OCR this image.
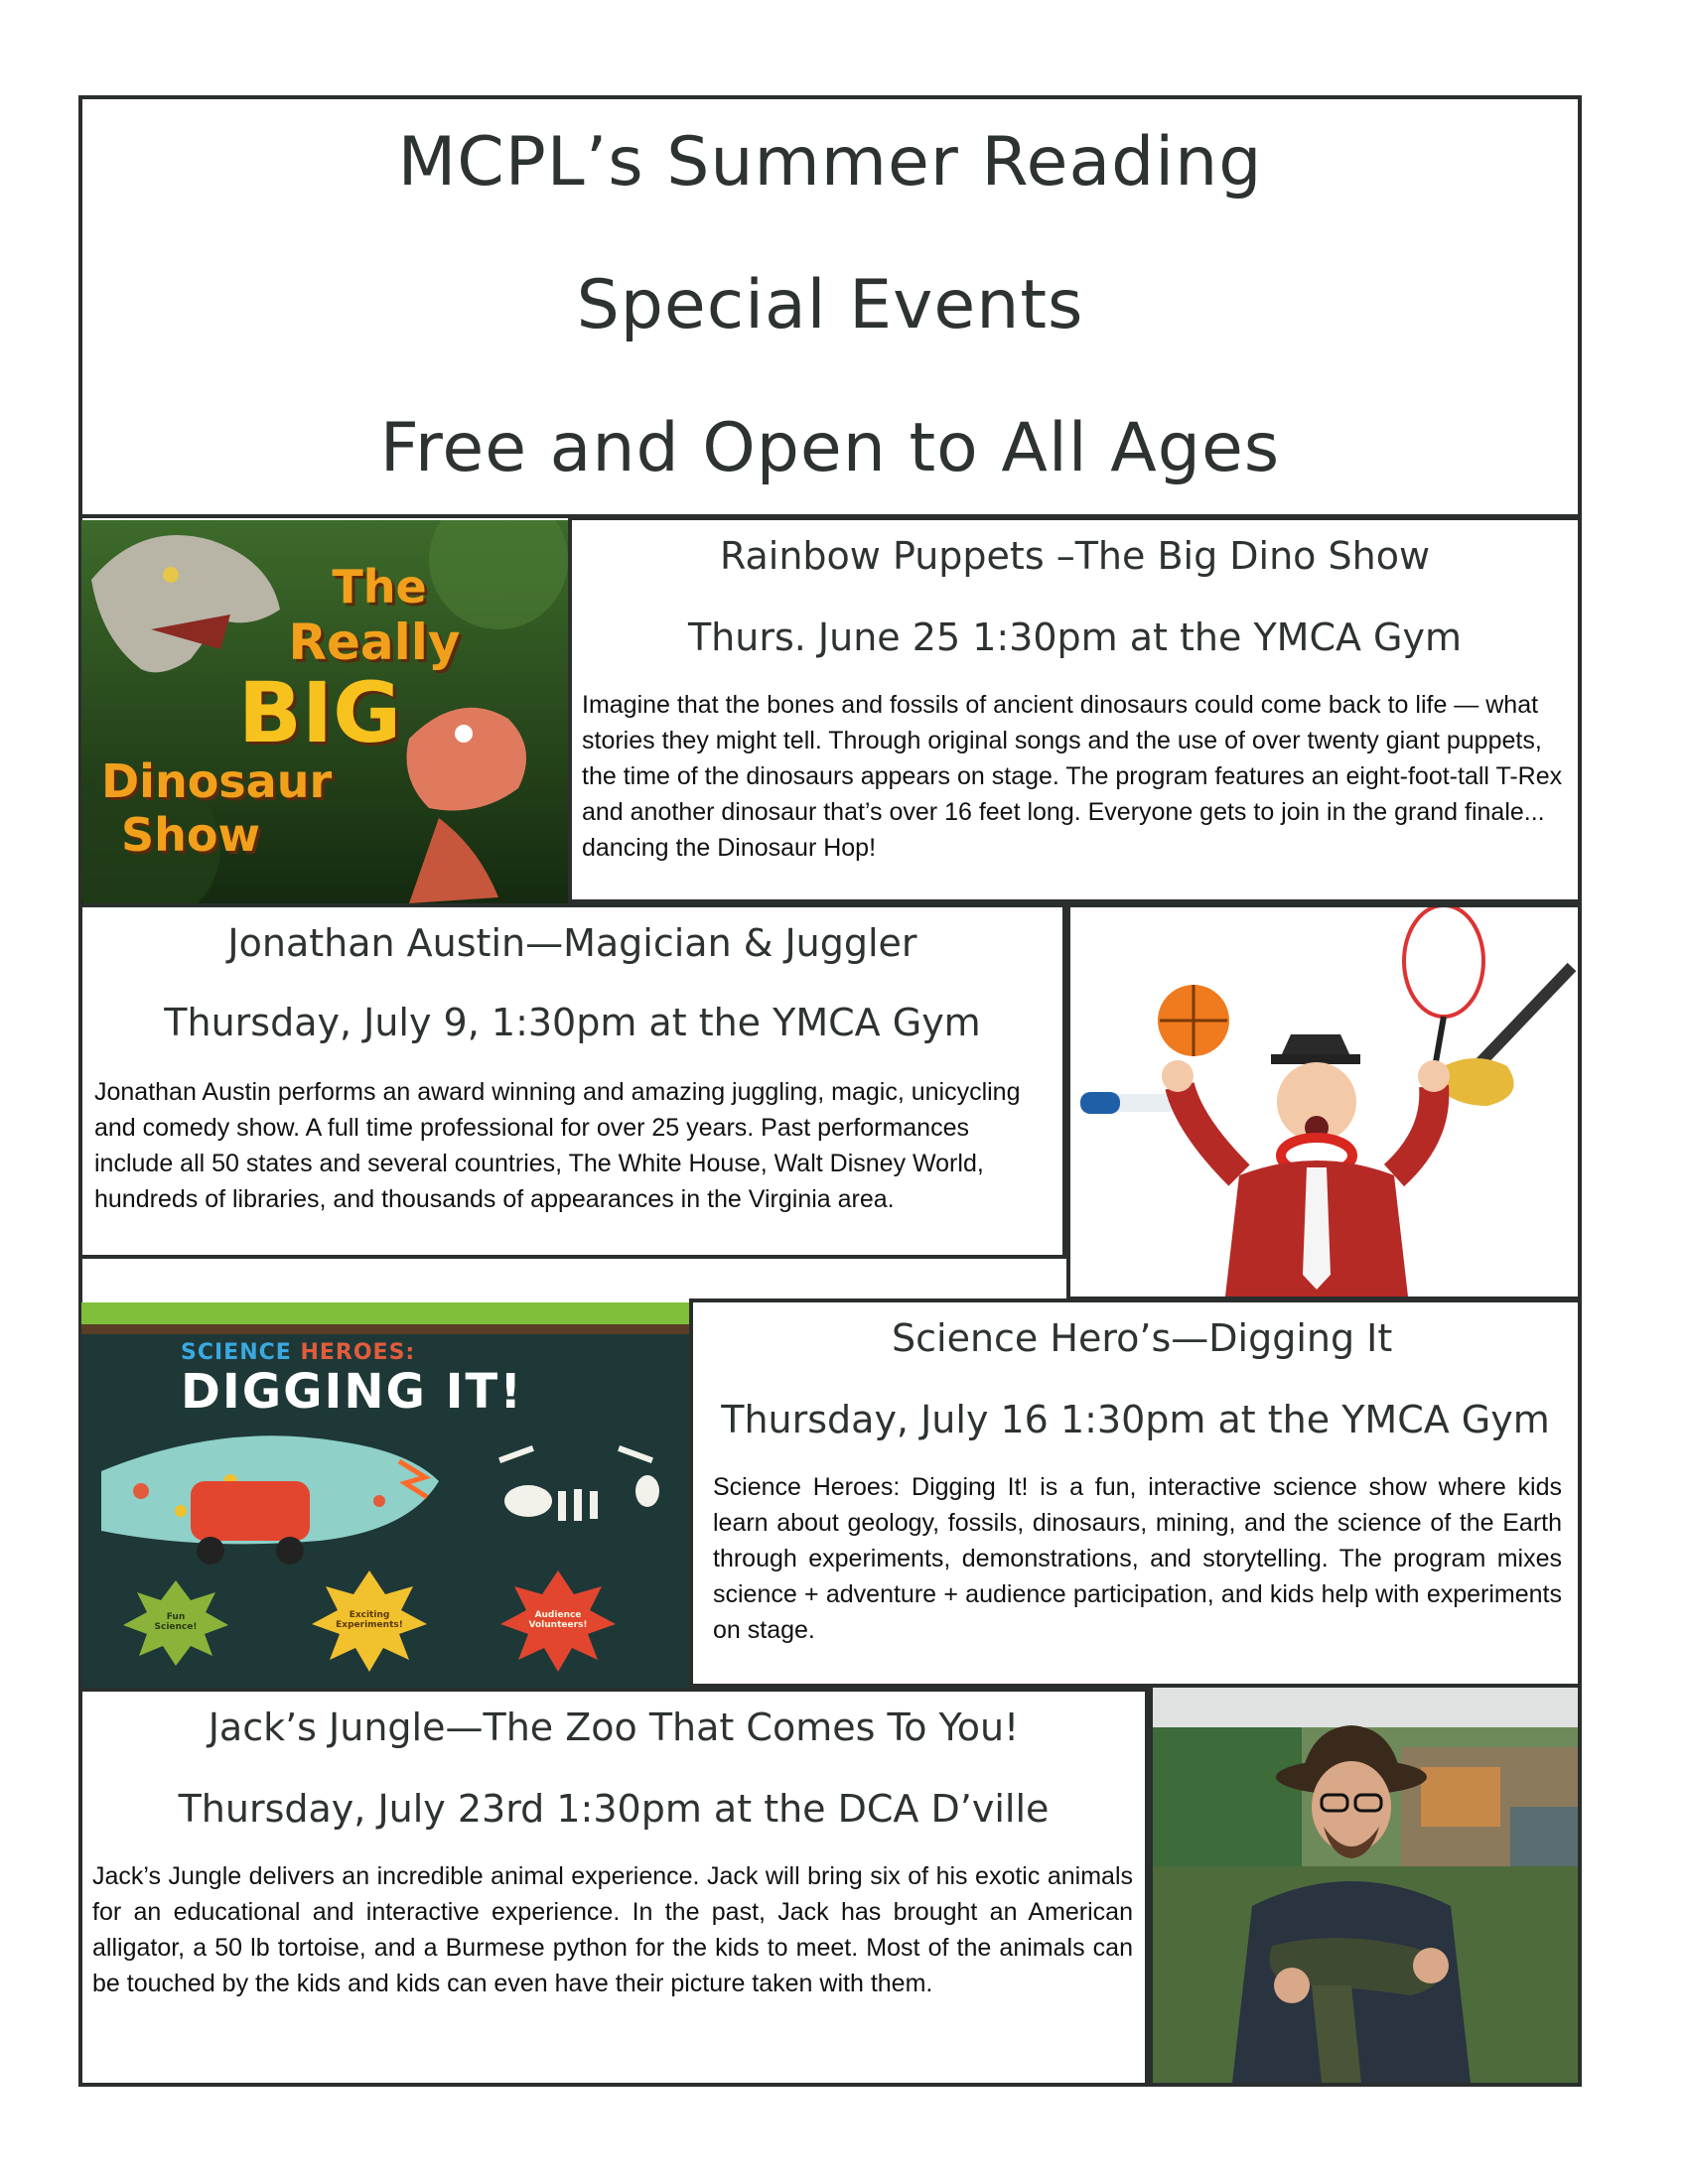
MCPL’s Summer Reading
Special Events
Free and Open to All Ages
The
Really
BIG
Dinosaur
Show
Rainbow Puppets –The Big Dino Show
Thurs. June 25 1:30pm at the YMCA Gym
Imagine that the bones and fossils of ancient dinosaurs could come back to life — what stories they might tell. Through original songs and the use of over twenty giant puppets, the time of the dinosaurs appears on stage. The program features an eight-foot-tall T-Rex and another dinosaur that’s over 16 feet long. Everyone gets to join in the grand finale... dancing the Dinosaur Hop!
Jonathan Austin—Magician & Juggler
Thursday, July 9, 1:30pm at the YMCA Gym
Jonathan Austin performs an award winning and amazing juggling, magic, unicycling and comedy show. A full time professional for over 25 years. Past performances include all 50 states and several countries, The White House, Walt Disney World, hundreds of libraries, and thousands of appearances in the Virginia area.
SCIENCE HEROES:
DIGGING IT!
Fun Science!
Exciting Experiments!
Audience Volunteers!
Science Hero’s—Digging It
Thursday, July 16 1:30pm at the YMCA Gym
Science Heroes: Digging It! is a fun, interactive science show where kids learn about geology, fossils, dinosaurs, mining, and the science of the Earth through experiments, demonstrations, and storytelling. The program mixes science + adventure + audience participation, and kids help with experiments on stage.
Jack’s Jungle—The Zoo That Comes To You!
Thursday, July 23rd 1:30pm at the DCA D’ville
Jack’s Jungle delivers an incredible animal experience. Jack will bring six of his exotic animals for an educational and interactive experience. In the past, Jack has brought an American alligator, a 50 lb tortoise, and a Burmese python for the kids to meet. Most of the animals can be touched by the kids and kids can even have their picture taken with them.
